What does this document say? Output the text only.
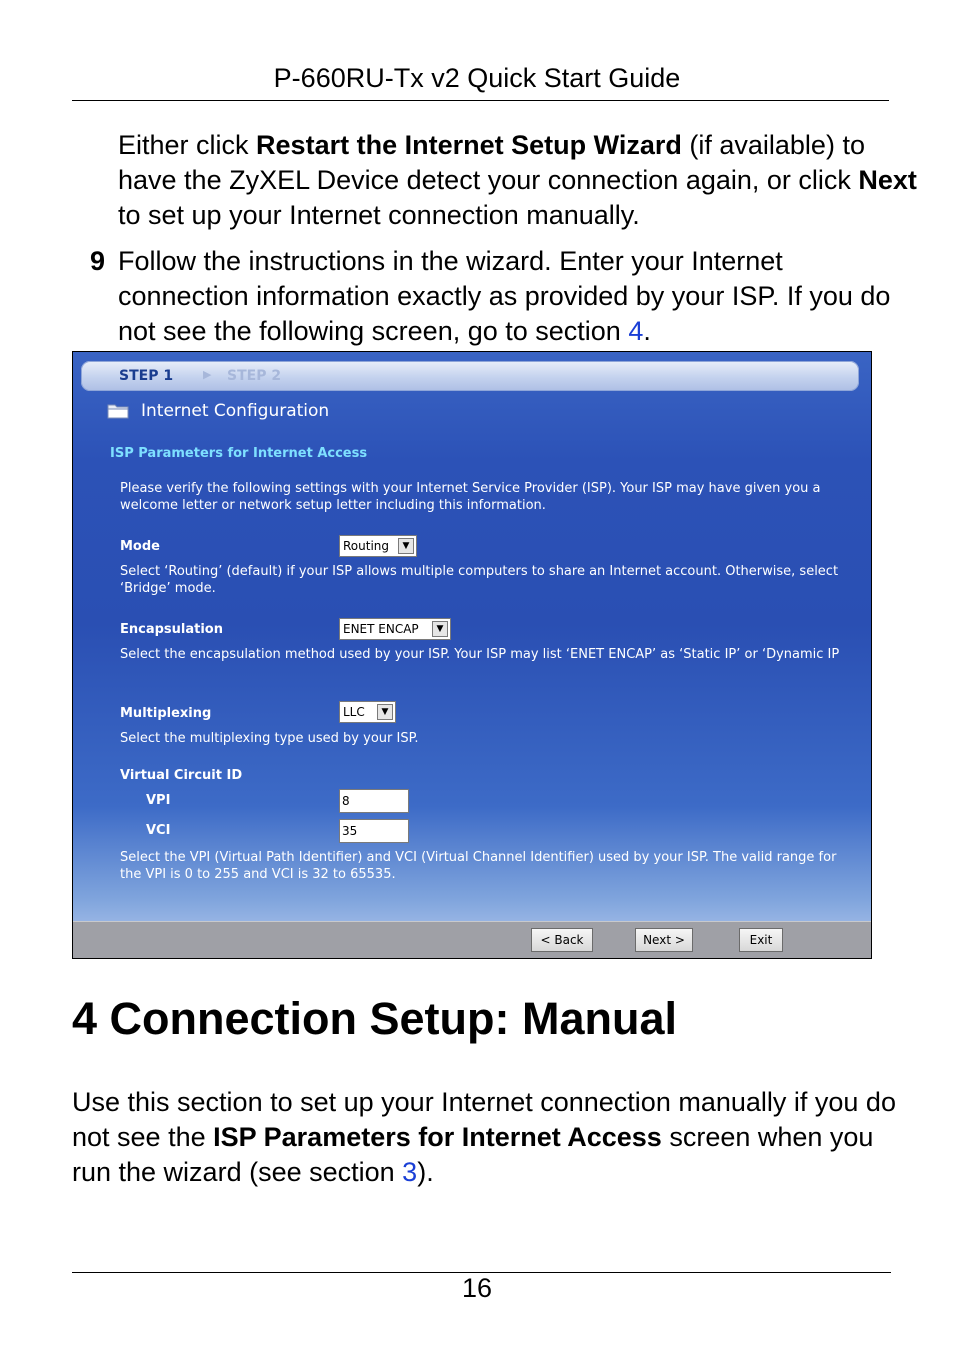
P-660RU-Tx v2 Quick Start Guide
Either click Restart the Internet Setup Wizard (if available) to have the ZyXEL Device detect your connection again, or click Next to set up your Internet connection manually.
9 Follow the instructions in the wizard. Enter your Internet connection information exactly as provided by your ISP. If you do not see the following screen, go to section 4.
STEP 1	▶ STEP 2
Internet Configuration
ISP Parameters for Internet Access
Please verify the following settings with your Internet Service Provider (ISP). Your ISP may have given you a welcome letter or network setup letter including this information.
Mode	Routing	▼
Select ‘Routing’ (default) if your ISP allows multiple computers to share an Internet account. Otherwise, select ‘Bridge’ mode.
Encapsulation	ENET ENCAP	▼
Select the encapsulation method used by your ISP. Your ISP may list ‘ENET ENCAP’ as ‘Static IP’ or ‘Dynamic IP
Multiplexing	LLC	▼
Select the multiplexing type used by your ISP.
Virtual Circuit ID
VPI	8
VCI	35
Select the VPI (Virtual Path Identifier) and VCI (Virtual Channel Identifier) used by your ISP. The valid range for the VPI is 0 to 255 and VCI is 32 to 65535.
< Back	Next >	Exit
4 Connection Setup: Manual
Use this section to set up your Internet connection manually if you do not see the ISP Parameters for Internet Access screen when you run the wizard (see section 3).
16
